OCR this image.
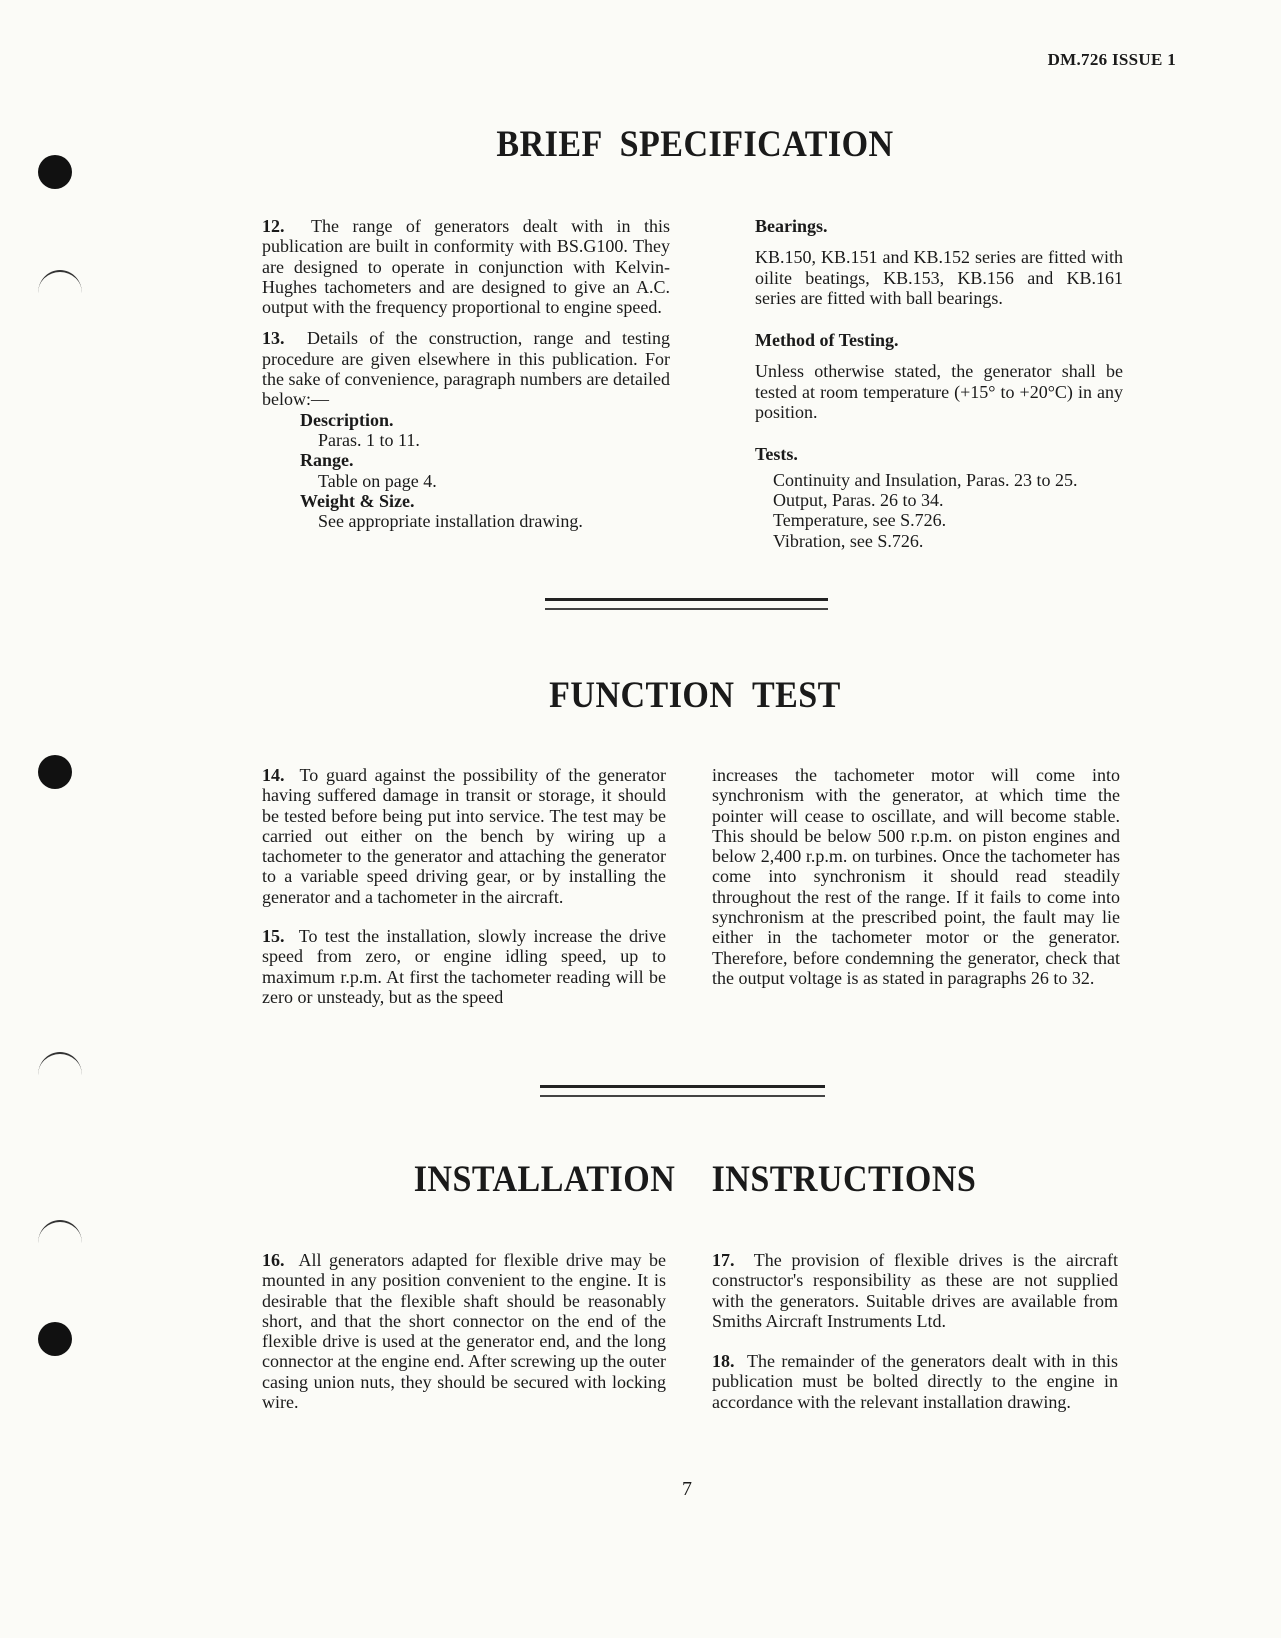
DM.726 ISSUE 1
BRIEF SPECIFICATION

12. The range of generators dealt with in this publication are built in conformity with BS.G100. They are designed to operate in conjunction with Kelvin-Hughes tachometers and are designed to give an A.C. output with the frequency proportional to engine speed.

13. Details of the construction, range and testing procedure are given elsewhere in this publication. For the sake of convenience, paragraph numbers are detailed below:—

Description.
Paras. 1 to 11.
Range.
Table on page 4.
Weight & Size.
See appropriate installation drawing.

Bearings.

KB.150, KB.151 and KB.152 series are fitted with oilite beatings, KB.153, KB.156 and KB.161 series are fitted with ball bearings.

Method of Testing.

Unless otherwise stated, the generator shall be tested at room temperature (+15° to +20°C) in any position.

Tests.

Continuity and Insulation, Paras. 23 to 25.
Output, Paras. 26 to 34.
Temperature, see S.726.
Vibration, see S.726.
FUNCTION TEST

14. To guard against the possibility of the generator having suffered damage in transit or storage, it should be tested before being put into service. The test may be carried out either on the bench by wiring up a tachometer to the generator and attaching the generator to a variable speed driving gear, or by installing the generator and a tachometer in the aircraft.

15. To test the installation, slowly increase the drive speed from zero, or engine idling speed, up to maximum r.p.m. At first the tachometer reading will be zero or unsteady, but as the speed

increases the tachometer motor will come into synchronism with the generator, at which time the pointer will cease to oscillate, and will become stable. This should be below 500 r.p.m. on piston engines and below 2,400 r.p.m. on turbines. Once the tachometer has come into synchronism it should read steadily throughout the rest of the range. If it fails to come into synchronism at the prescribed point, the fault may lie either in the tachometer motor or the generator. Therefore, before condemning the generator, check that the output voltage is as stated in paragraphs 26 to 32.

INSTALLATION  INSTRUCTIONS

16. All generators adapted for flexible drive may be mounted in any position convenient to the engine. It is desirable that the flexible shaft should be reasonably short, and that the short connector on the end of the flexible drive is used at the generator end, and the long connector at the engine end. After screwing up the outer casing union nuts, they should be secured with locking wire.

17. The provision of flexible drives is the aircraft constructor's responsibility as these are not supplied with the generators. Suitable drives are available from Smiths Aircraft Instruments Ltd.

18. The remainder of the generators dealt with in this publication must be bolted directly to the engine in accordance with the relevant installation drawing.

7
